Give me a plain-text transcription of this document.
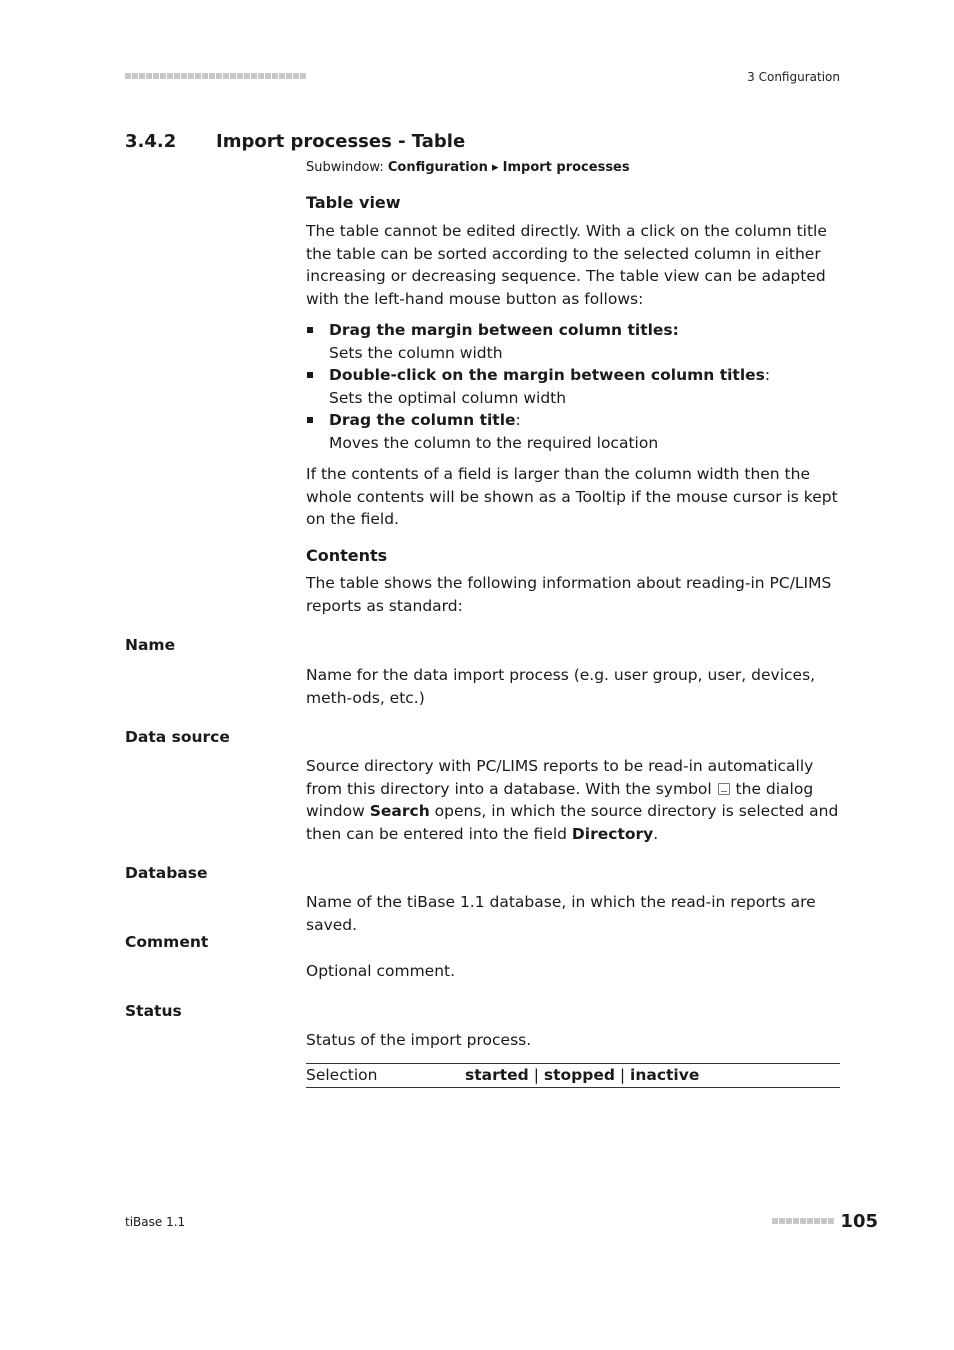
3 Configuration
3.4.2 Import processes - Table
Subwindow: Configuration ▸ Import processes
Table view
The table cannot be edited directly. With a click on the column title the table can be sorted according to the selected column in either increasing or decreasing sequence. The table view can be adapted with the left-hand mouse button as follows:
Drag the margin between column titles:
Sets the column width
Double-click on the margin between column titles:
Sets the optimal column width
Drag the column title:
Moves the column to the required location
If the contents of a field is larger than the column width then the whole contents will be shown as a Tooltip if the mouse cursor is kept on the field.
Contents
The table shows the following information about reading-in PC/LIMS reports as standard:
Name
Name for the data import process (e.g. user group, user, devices, meth-ods, etc.)
Data source
Source directory with PC/LIMS reports to be read-in automatically from this directory into a database. With the symbol  the dialog window Search opens, in which the source directory is selected and then can be entered into the field Directory.
Database
Name of the tiBase 1.1 database, in which the read-in reports are saved.
Comment
Optional comment.
Status
Status of the import process.
Selection	started | stopped | inactive
tiBase 1.1	105
